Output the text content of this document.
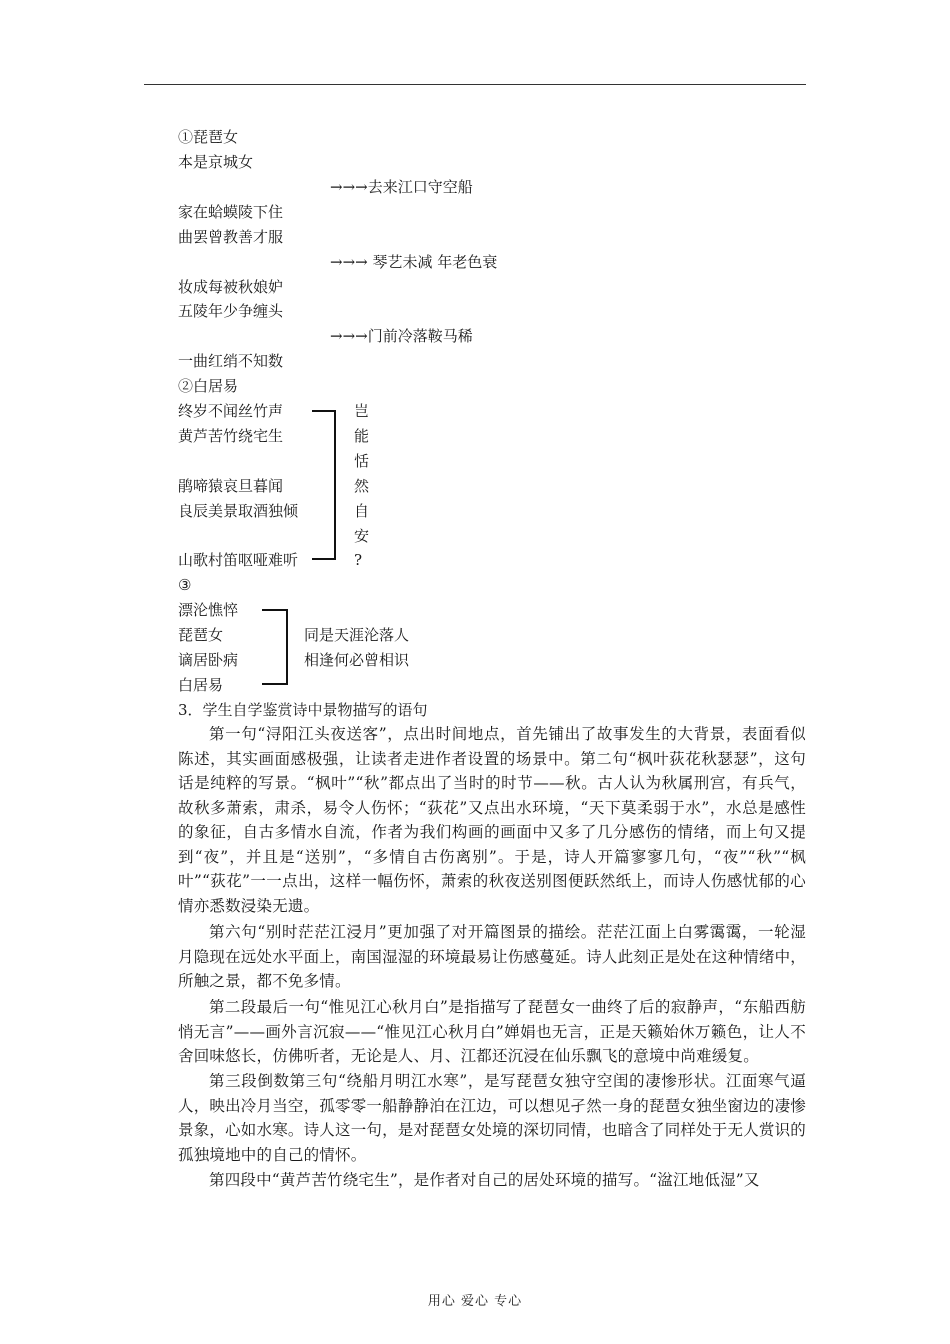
①琵琶女
本是京城女
→→→去来江口守空船
家在蛤蟆陵下住
曲罢曾教善才服
→→→ 琴艺未减 年老色衰
妆成每被秋娘妒
五陵年少争缠头
→→→门前冷落鞍马稀
一曲红绡不知数
②白居易
终岁不闻丝竹声
黄芦苦竹绕宅生
鹃啼猿哀旦暮闻
良辰美景取酒独倾
山歌村笛呕哑难听
岂
能
恬
然
自
安
?
③
漂沦憔悴
琵琶女
谪居卧病
白居易
同是天涯沦落人
相逢何必曾相识
3．学生自学鉴赏诗中景物描写的语句

第一句“浔阳江头夜送客”，点出时间地点，首先铺出了故事发生的大背景，表面看似陈述，其实画面感极强，让读者走进作者设置的场景中。第二句“枫叶荻花秋瑟瑟”，这句话是纯粹的写景。“枫叶”“秋”都点出了当时的时节——秋。古人认为秋属刑宫，有兵气，故秋多萧索，肃杀，易令人伤怀；“荻花”又点出水环境，“天下莫柔弱于水”，水总是感性的象征，自古多情水自流，作者为我们构画的画面中又多了几分感伤的情绪，而上句又提到“夜”，并且是“送别”，“多情自古伤离别”。于是，诗人开篇寥寥几句，“夜”“秋”“枫叶”“荻花”一一点出，这样一幅伤怀，萧索的秋夜送别图便跃然纸上，而诗人伤感忧郁的心情亦悉数浸染无遗。

第六句“别时茫茫江浸月”更加强了对开篇图景的描绘。茫茫江面上白雾霭霭，一轮湿月隐现在远处水平面上，南国湿湿的环境最易让伤感蔓延。诗人此刻正是处在这种情绪中，所触之景，都不免多情。

第二段最后一句“惟见江心秋月白”是指描写了琵琶女一曲终了后的寂静声，“东船西舫悄无言”——画外言沉寂——“惟见江心秋月白”婵娟也无言，正是天籁始休万籁色，让人不舍回味悠长，仿佛听者，无论是人、月、江都还沉浸在仙乐飘飞的意境中尚难缓复。

第三段倒数第三句“绕船月明江水寒”，是写琵琶女独守空闺的凄惨形状。江面寒气逼人，映出冷月当空，孤零零一船静静泊在江边，可以想见孑然一身的琵琶女独坐窗边的凄惨景象，心如水寒。诗人这一句，是对琵琶女处境的深切同情，也暗含了同样处于无人赏识的孤独境地中的自己的情怀。

第四段中“黄芦苦竹绕宅生”，是作者对自己的居处环境的描写。“湓江地低湿”又

用心 爱心 专心
